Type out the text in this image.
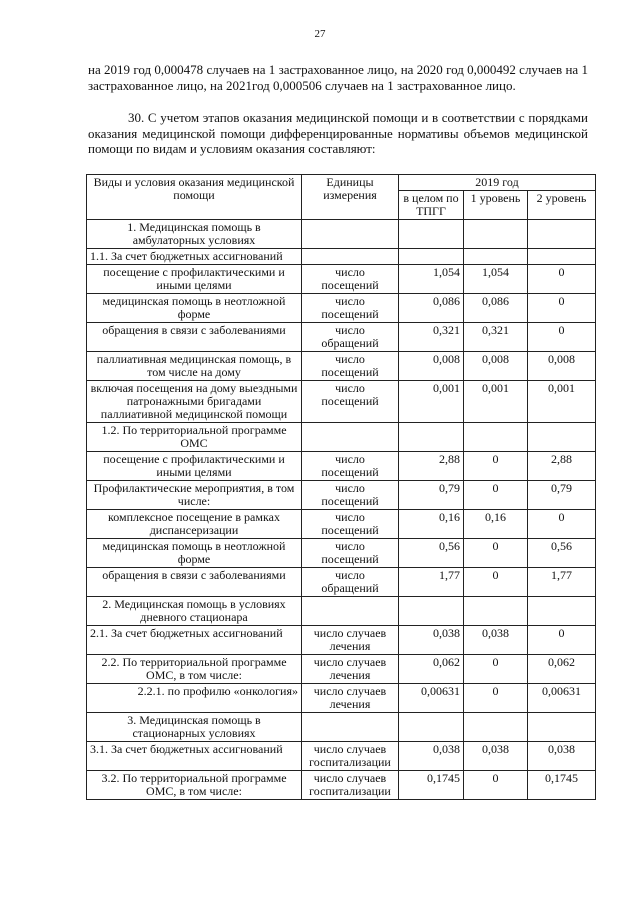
27
на 2019 год 0,000478 случаев на 1 застрахованное лицо, на 2020 год 0,000492 случаев на 1 застрахованное лицо, на 2021год 0,000506 случаев на 1 застрахованное лицо.
30. С учетом этапов оказания медицинской помощи и в соответствии с порядками оказания медицинской помощи дифференцированные нормативы объемов медицинской помощи по видам и условиям оказания составляют:
Виды и условия оказания медицинской помощи	Единицы измерения	2019 год		
		в целом по ТПГГ	1 уровень	2 уровень
1. Медицинская помощь в амбулаторных условиях				
1.1. За счет бюджетных ассигнований				
посещение с профилактическими и иными целями	число посещений	1,054	1,054	0
медицинская помощь в неотложной форме	число посещений	0,086	0,086	0
обращения в связи с заболеваниями	число обращений	0,321	0,321	0
паллиативная медицинская помощь, в том числе на дому	число посещений	0,008	0,008	0,008
включая посещения на дому выездными патронажными бригадами паллиативной медицинской помощи	число посещений	0,001	0,001	0,001
1.2. По территориальной программе ОМС				
посещение с профилактическими и иными целями	число посещений	2,88	0	2,88
Профилактические мероприятия, в том числе:	число посещений	0,79	0	0,79
комплексное посещение в рамках диспансеризации	число посещений	0,16	0,16	0
медицинская помощь в неотложной форме	число посещений	0,56	0	0,56
обращения в связи с заболеваниями	число обращений	1,77	0	1,77
2. Медицинская помощь в условиях дневного стационара				
2.1. За счет бюджетных ассигнований	число случаев лечения	0,038	0,038	0
2.2. По территориальной программе ОМС, в том числе:	число случаев лечения	0,062	0	0,062
2.2.1. по профилю «онкология»	число случаев лечения	0,00631	0	0,00631
3. Медицинская помощь в стационарных условиях				
3.1. За счет бюджетных ассигнований	число случаев госпитализации	0,038	0,038	0,038
3.2. По территориальной программе ОМС, в том числе:	число случаев госпитализации	0,1745	0	0,1745
